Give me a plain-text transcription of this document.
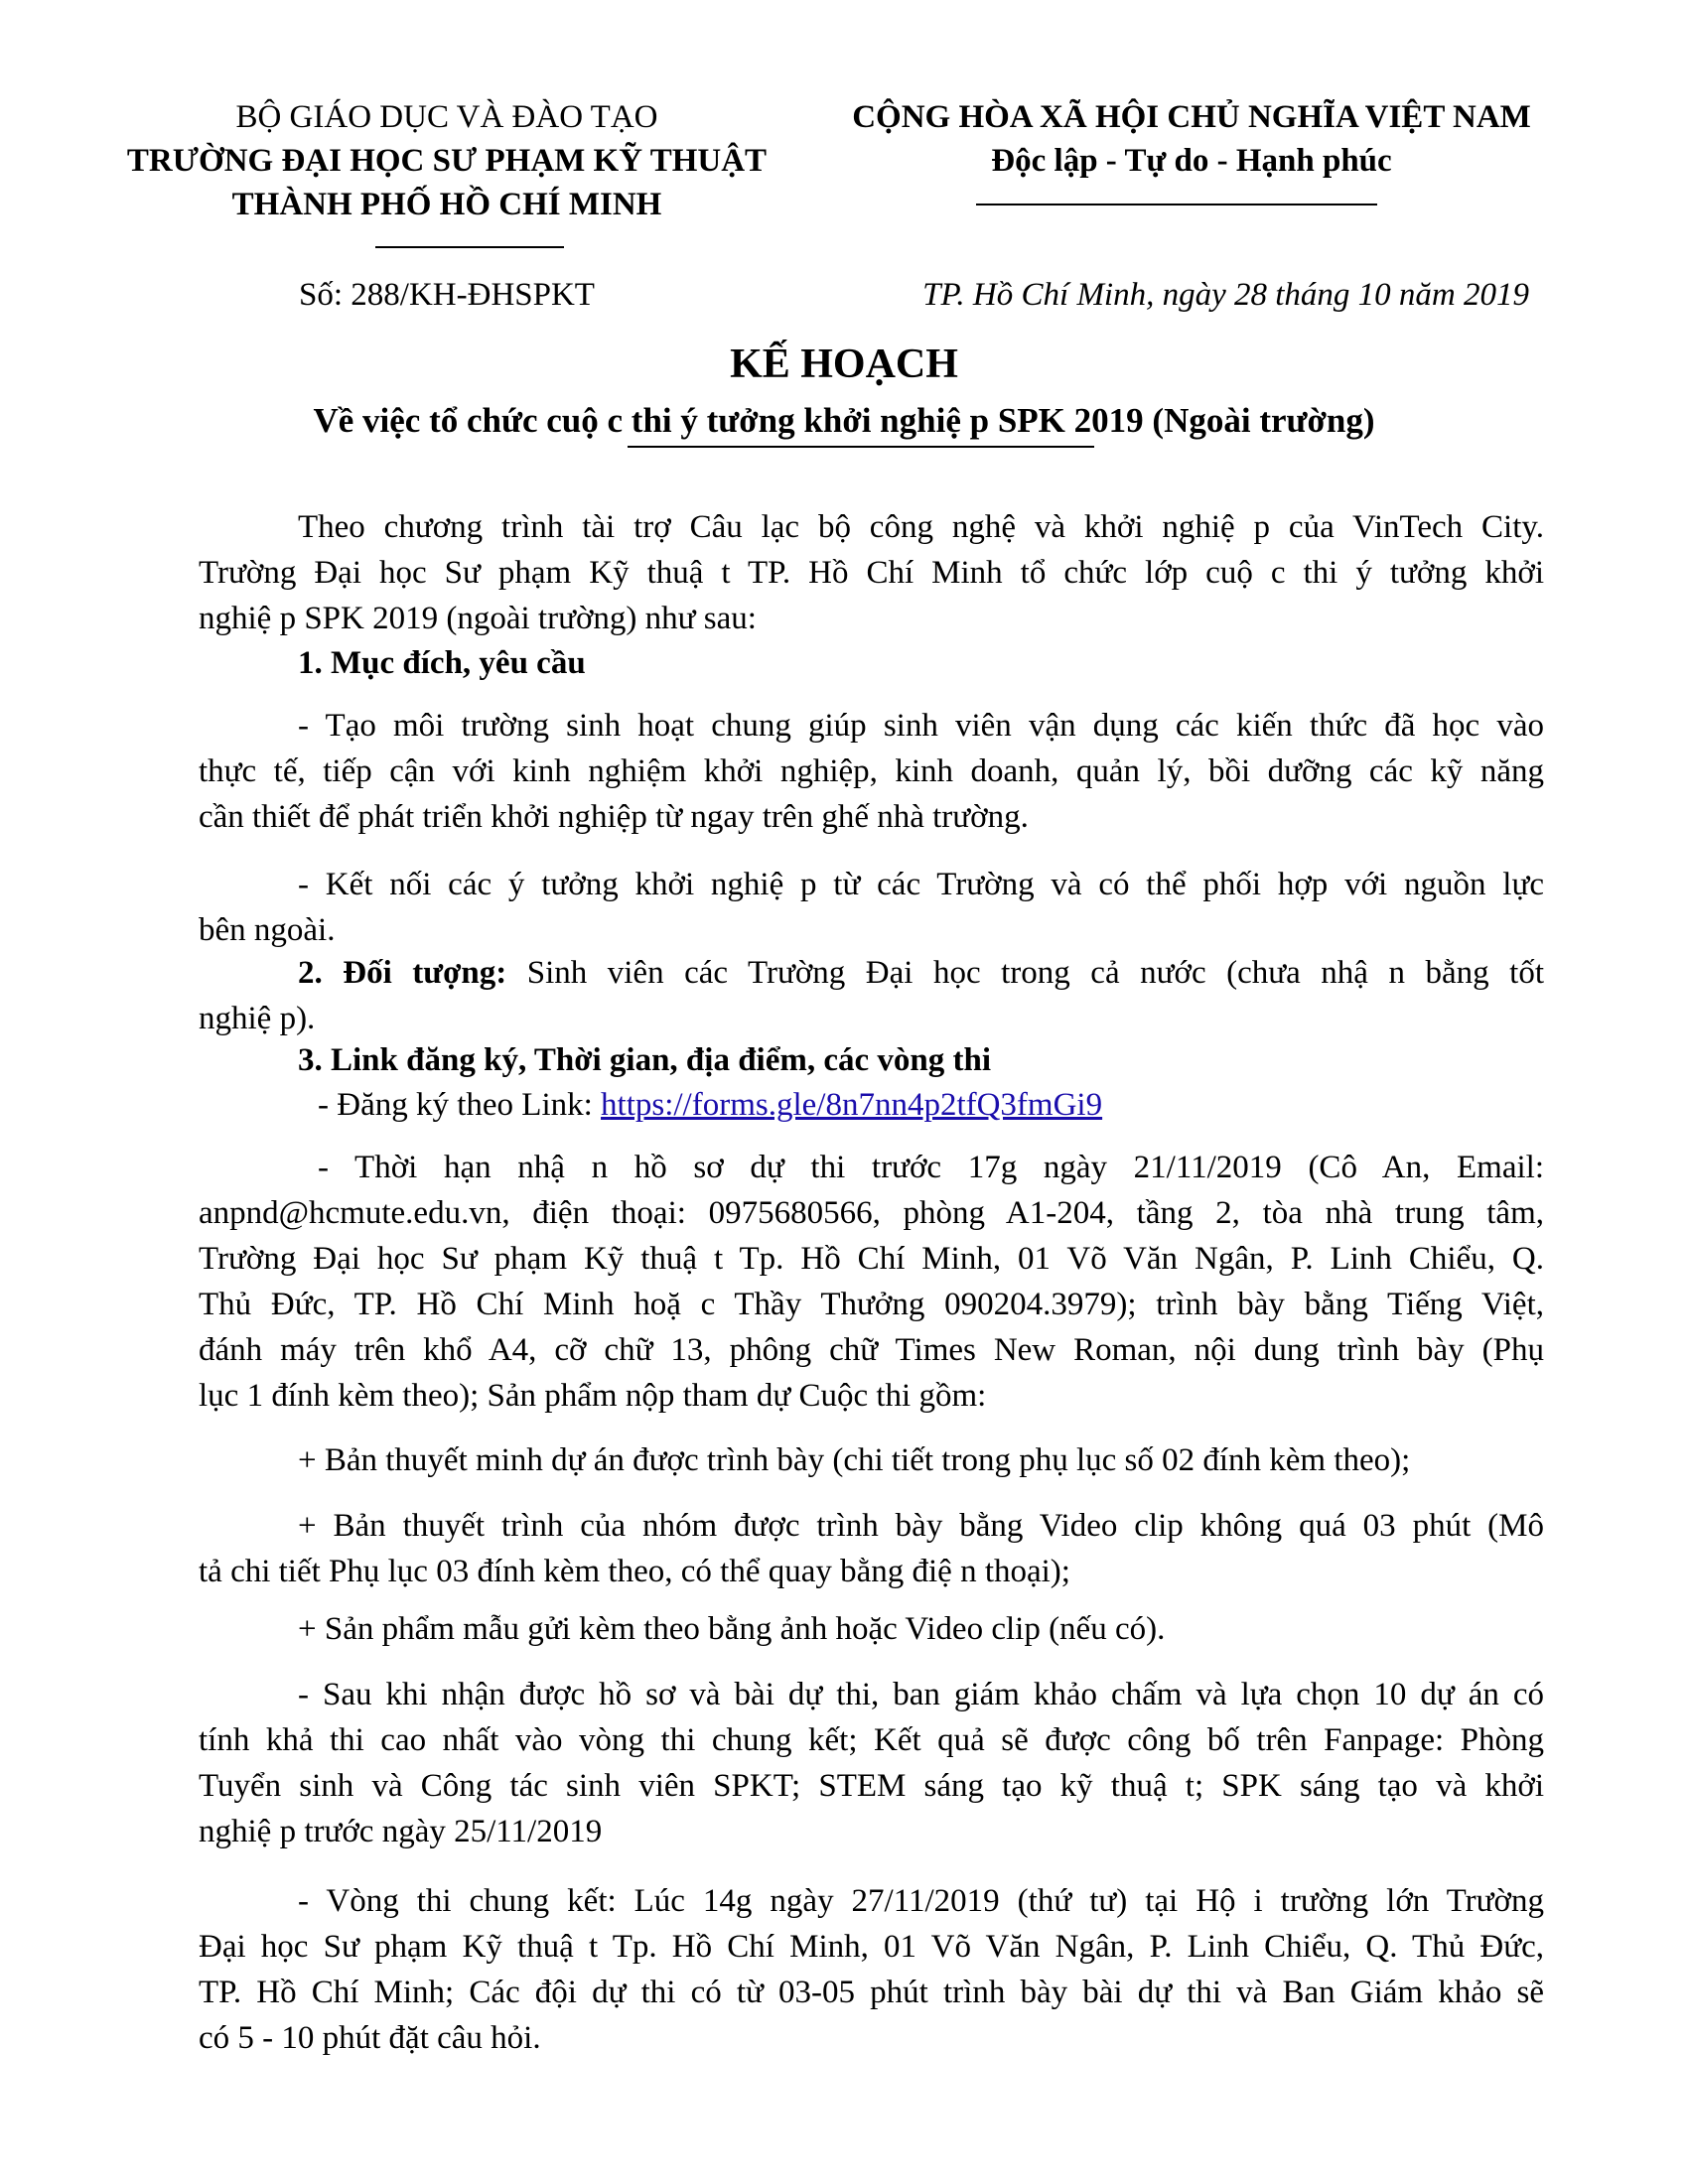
BỘ GIÁO DỤC VÀ ĐÀO TẠO
TRƯỜNG ĐẠI HỌC SƯ PHẠM KỸ THUẬT
THÀNH PHỐ HỒ CHÍ MINH
Số: 288/KH-ĐHSPKT
CỘNG HÒA XÃ HỘI CHỦ NGHĨA VIỆT NAM
Độc lập - Tự do - Hạnh phúc
TP. Hồ Chí Minh, ngày 28 tháng 10 năm 2019
KẾ HOẠCH
Về việc tổ chức cuộ c thi ý tưởng khởi nghiệ p SPK 2019 (Ngoài trường)
Theo chương trình tài trợ Câu lạc bộ công nghệ và khởi nghiệ p của VinTech City.
Trường Đại học Sư phạm Kỹ thuậ t TP. Hồ Chí Minh tổ chức lớp cuộ c thi ý tưởng khởi
nghiệ p SPK 2019 (ngoài trường) như sau:
1. Mục đích, yêu cầu
- Tạo môi trường sinh hoạt chung giúp sinh viên vận dụng các kiến thức đã học vào
thực tế, tiếp cận với kinh nghiệm khởi nghiệp, kinh doanh, quản lý, bồi dưỡng các kỹ năng
cần thiết để phát triển khởi nghiệp từ ngay trên ghế nhà trường.
- Kết nối các ý tưởng khởi nghiệ p từ các Trường và có thể phối hợp với nguồn lực
bên ngoài.
2. Đối tượng: Sinh viên các Trường Đại học trong cả nước (chưa nhậ n bằng tốt
nghiệ p).
3. Link đăng ký, Thời gian, địa điểm, các vòng thi
- Đăng ký theo Link: https://forms.gle/8n7nn4p2tfQ3fmGi9
- Thời hạn nhậ n hồ sơ dự thi trước 17g ngày 21/11/2019 (Cô An, Email:
anpnd@hcmute.edu.vn, điện thoại: 0975680566, phòng A1-204, tầng 2, tòa nhà trung tâm,
Trường Đại học Sư phạm Kỹ thuậ t Tp. Hồ Chí Minh, 01 Võ Văn Ngân, P. Linh Chiểu, Q.
Thủ Đức, TP. Hồ Chí Minh hoặ c Thầy Thưởng 090204.3979); trình bày bằng Tiếng Việt,
đánh máy trên khổ A4, cỡ chữ 13, phông chữ Times New Roman, nội dung trình bày (Phụ
lục 1 đính kèm theo); Sản phẩm nộp tham dự Cuộc thi gồm:
+ Bản thuyết minh dự án được trình bày (chi tiết trong phụ lục số 02 đính kèm theo);
+ Bản thuyết trình của nhóm được trình bày bằng Video clip không quá 03 phút (Mô
tả chi tiết Phụ lục 03 đính kèm theo, có thể quay bằng điệ n thoại);
+ Sản phẩm mẫu gửi kèm theo bằng ảnh hoặc Video clip (nếu có).
- Sau khi nhận được hồ sơ và bài dự thi, ban giám khảo chấm và lựa chọn 10 dự án có
tính khả thi cao nhất vào vòng thi chung kết; Kết quả sẽ được công bố trên Fanpage: Phòng
Tuyển sinh và Công tác sinh viên SPKT; STEM sáng tạo kỹ thuậ t; SPK sáng tạo và khởi
nghiệ p trước ngày 25/11/2019
- Vòng thi chung kết: Lúc 14g ngày 27/11/2019 (thứ tư) tại Hộ i trường lớn Trường
Đại học Sư phạm Kỹ thuậ t Tp. Hồ Chí Minh, 01 Võ Văn Ngân, P. Linh Chiểu, Q. Thủ Đức,
TP. Hồ Chí Minh; Các đội dự thi có từ 03-05 phút trình bày bài dự thi và Ban Giám khảo sẽ
có 5 - 10 phút đặt câu hỏi.
